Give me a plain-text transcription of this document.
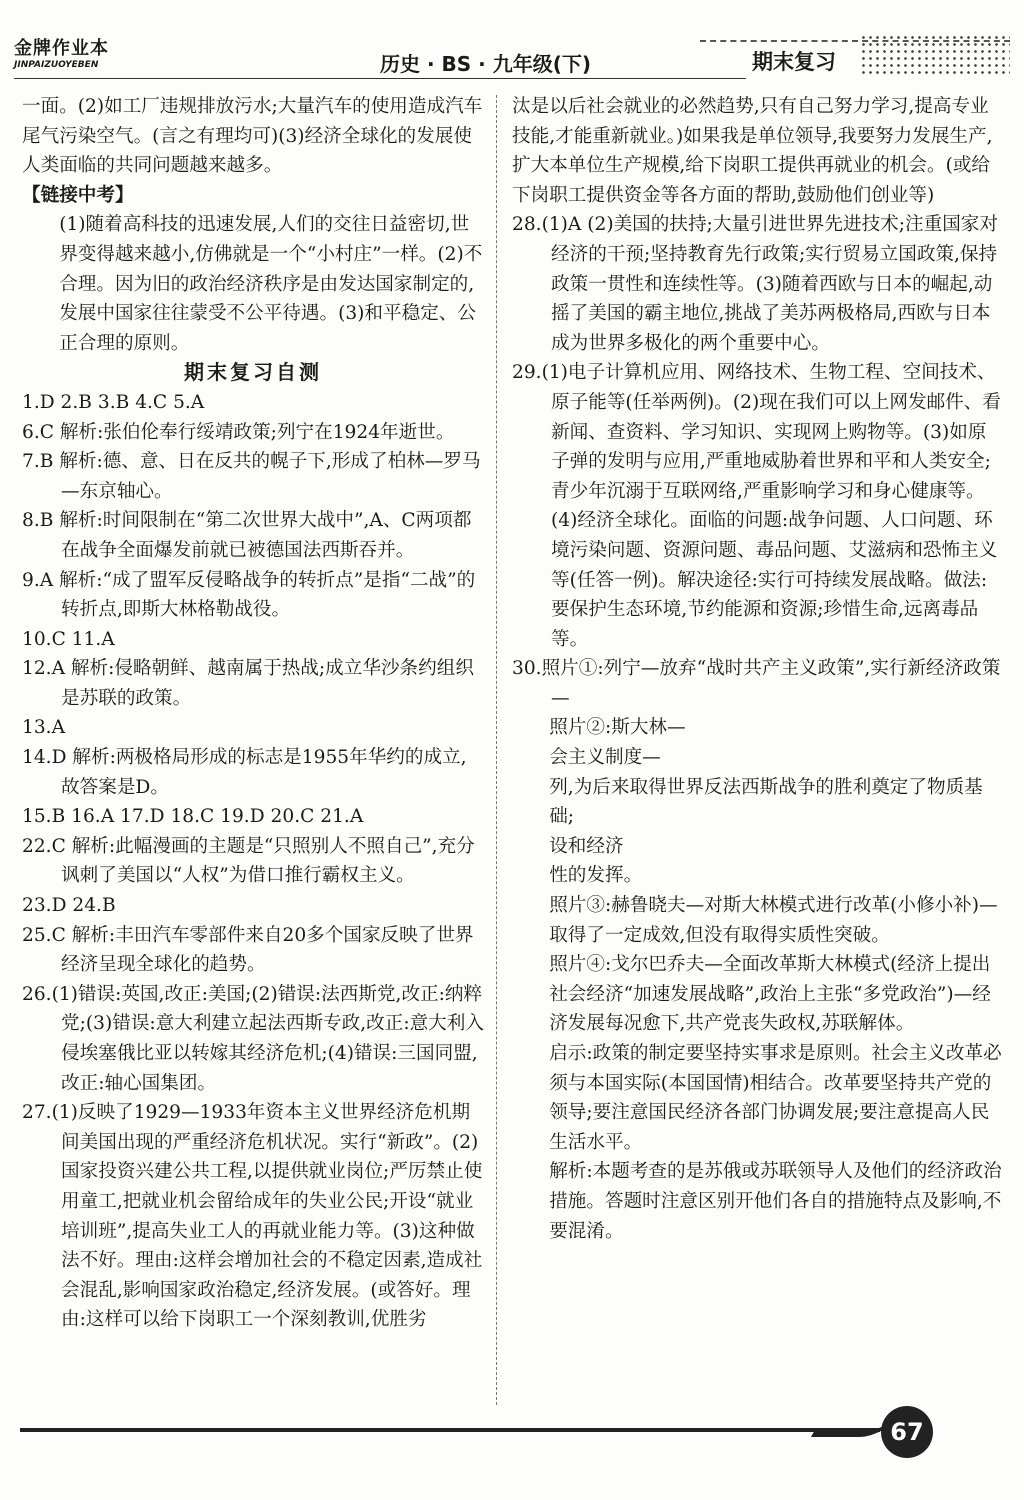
金牌作业本
JINPAIZUOYEBEN	历史 · BS · 九年级(下)	期末复习

一面。(2)如工厂违规排放污水;大量汽车的使用造成汽车尾气污染空气。(言之有理均可)(3)经济全球化的发展使人类面临的共同问题越来越多。

【链接中考】

(1)随着高科技的迅速发展,人们的交往日益密切,世界变得越来越小,仿佛就是一个“小村庄”一样。(2)不合理。因为旧的政治经济秩序是由发达国家制定的,发展中国家往往蒙受不公平待遇。(3)和平稳定、公正合理的原则。

期末复习自测

1.D 2.B 3.B 4.C 5.A

6.C 解析:张伯伦奉行绥靖政策;列宁在1924年逝世。

7.B 解析:德、意、日在反共的幌子下,形成了柏林—罗马—东京轴心。

8.B 解析:时间限制在“第二次世界大战中”,A、C两项都在战争全面爆发前就已被德国法西斯吞并。

9.A 解析:“成了盟军反侵略战争的转折点”是指“二战”的转折点,即斯大林格勒战役。

10.C 11.A

12.A 解析:侵略朝鲜、越南属于热战;成立华沙条约组织是苏联的政策。

13.A

14.D 解析:两极格局形成的标志是1955年华约的成立,故答案是D。

15.B 16.A 17.D 18.C 19.D 20.C 21.A

22.C 解析:此幅漫画的主题是“只照别人不照自己”,充分讽刺了美国以“人权”为借口推行霸权主义。

23.D 24.B

25.C 解析:丰田汽车零部件来自20多个国家反映了世界经济呈现全球化的趋势。

26.(1)错误:英国,改正:美国;(2)错误:法西斯党,改正:纳粹党;(3)错误:意大利建立起法西斯专政,改正:意大利入侵埃塞俄比亚以转嫁其经济危机;(4)错误:三国同盟,改正:轴心国集团。

27.(1)反映了1929—1933年资本主义世界经济危机期间美国出现的严重经济危机状况。实行“新政”。(2)国家投资兴建公共工程,以提供就业岗位;严厉禁止使用童工,把就业机会留给成年的失业公民;开设“就业培训班”,提高失业工人的再就业能力等。(3)这种做法不好。理由:这样会增加社会的不稳定因素,造成社会混乱,影响国家政治稳定,经济发展。(或答好。理由:这样可以给下岗职工一个深刻教训,优胜劣

汰是以后社会就业的必然趋势,只有自己努力学习,提高专业技能,才能重新就业。)如果我是单位领导,我要努力发展生产,扩大本单位生产规模,给下岗职工提供再就业的机会。(或给下岗职工提供资金等各方面的帮助,鼓励他们创业等)

28.(1)A (2)美国的扶持;大量引进世界先进技术;注重国家对经济的干预;坚持教育先行政策;实行贸易立国政策,保持政策一贯性和连续性等。(3)随着西欧与日本的崛起,动摇了美国的霸主地位,挑战了美苏两极格局,西欧与日本成为世界多极化的两个重要中心。

29.(1)电子计算机应用、网络技术、生物工程、空间技术、原子能等(任举两例)。(2)现在我们可以上网发邮件、看新闻、查资料、学习知识、实现网上购物等。(3)如原子弹的发明与应用,严重地威胁着世界和平和人类安全;青少年沉溺于互联网络,严重影响学习和身心健康等。(4)经济全球化。面临的问题:战争问题、人口问题、环境污染问题、资源问题、毒品问题、艾滋病和恐怖主义等(任答一例)。解决途径:实行可持续发展战略。做法:要保护生态环境,节约能源和资源;珍惜生命,远离毒品等。

30.照片①:列宁—放弃“战时共产主义政策”,实行新经济政策—

照片②:斯大林—

会主义制度—

列,为后来取得世界反法西斯战争的胜利奠定了物质基础;

设和经济

性的发挥。

照片③:赫鲁晓夫—对斯大林模式进行改革(小修小补)—取得了一定成效,但没有取得实质性突破。

照片④:戈尔巴乔夫—全面改革斯大林模式(经济上提出社会经济“加速发展战略”,政治上主张“多党政治”)—经济发展每况愈下,共产党丧失政权,苏联解体。

启示:政策的制定要坚持实事求是原则。社会主义改革必须与本国实际(本国国情)相结合。改革要坚持共产党的领导;要注意国民经济各部门协调发展;要注意提高人民生活水平。

解析:本题考查的是苏俄或苏联领导人及他们的经济政治措施。答题时注意区别开他们各自的措施特点及影响,不要混淆。

67
